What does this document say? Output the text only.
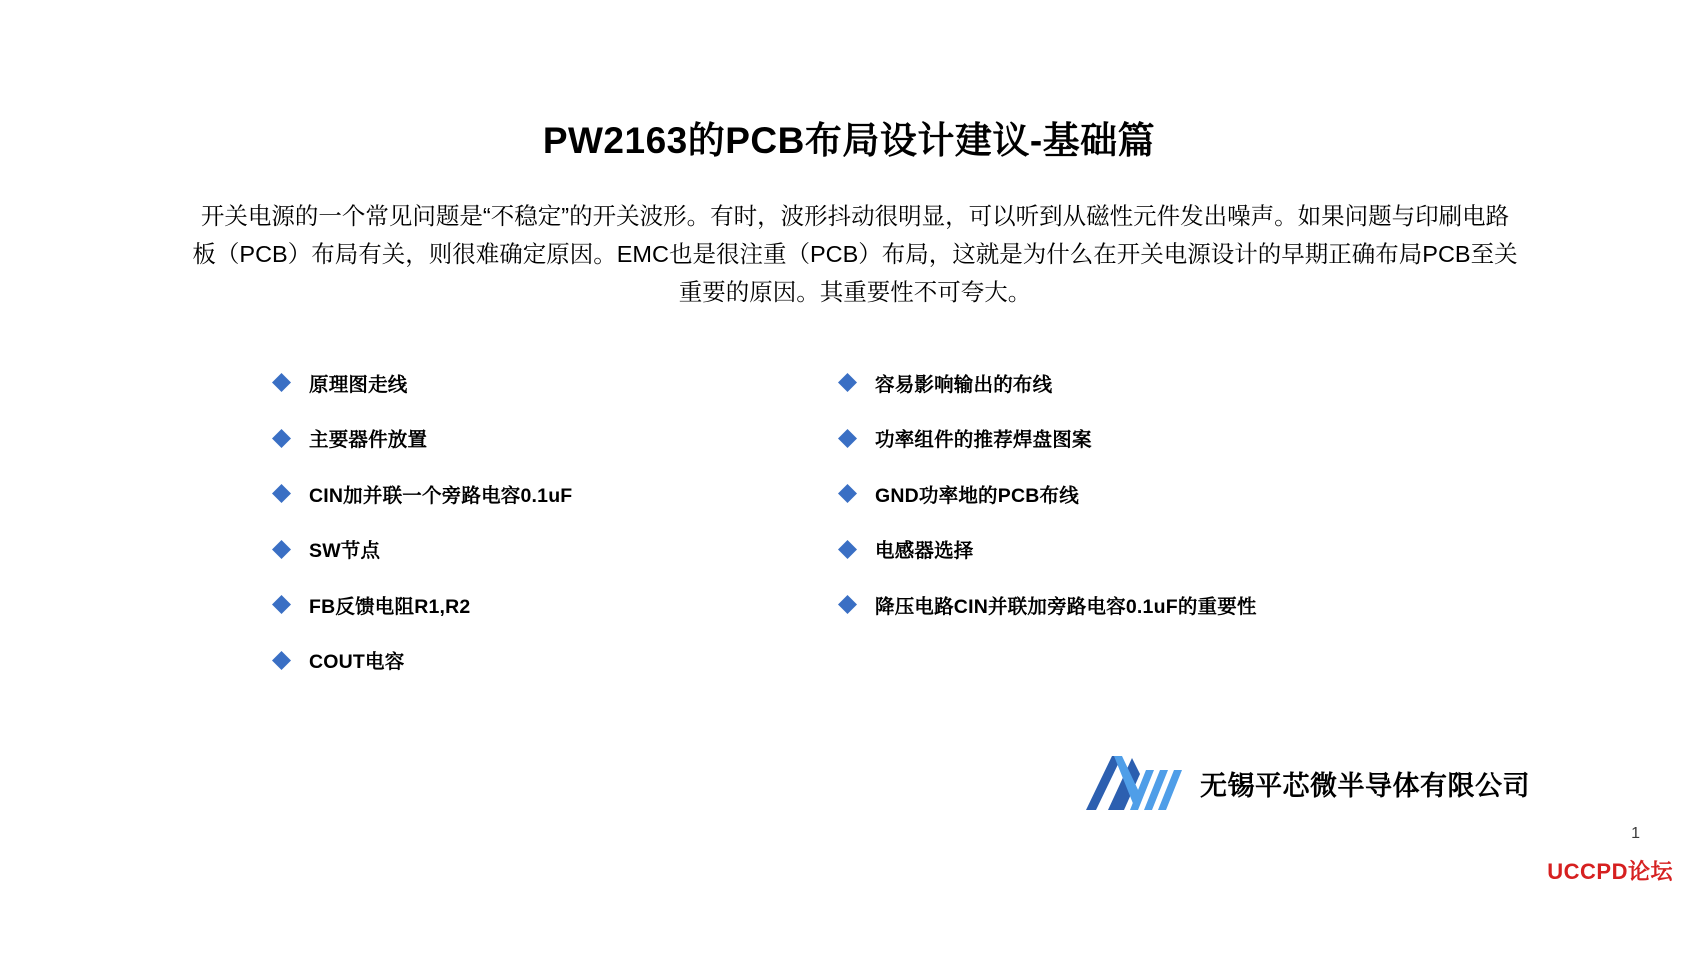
PW2163的PCB布局设计建议-基础篇
开关电源的一个常见问题是“不稳定”的开关波形。有时，波形抖动很明显，可以听到从磁性元件发出噪声。如果问题与印刷电路板（PCB）布局有关，则很难确定原因。EMC也是很注重（PCB）布局，这就是为什么在开关电源设计的早期正确布局PCB至关重要的原因。其重要性不可夸大。
原理图走线
主要器件放置
CIN加并联一个旁路电容0.1uF
SW节点
FB反馈电阻R1,R2
COUT电容
容易影响输出的布线
功率组件的推荐焊盘图案
GND功率地的PCB布线
电感器选择
降压电路CIN并联加旁路电容0.1uF的重要性
无锡平芯微半导体有限公司
1
UCCPD论坛
